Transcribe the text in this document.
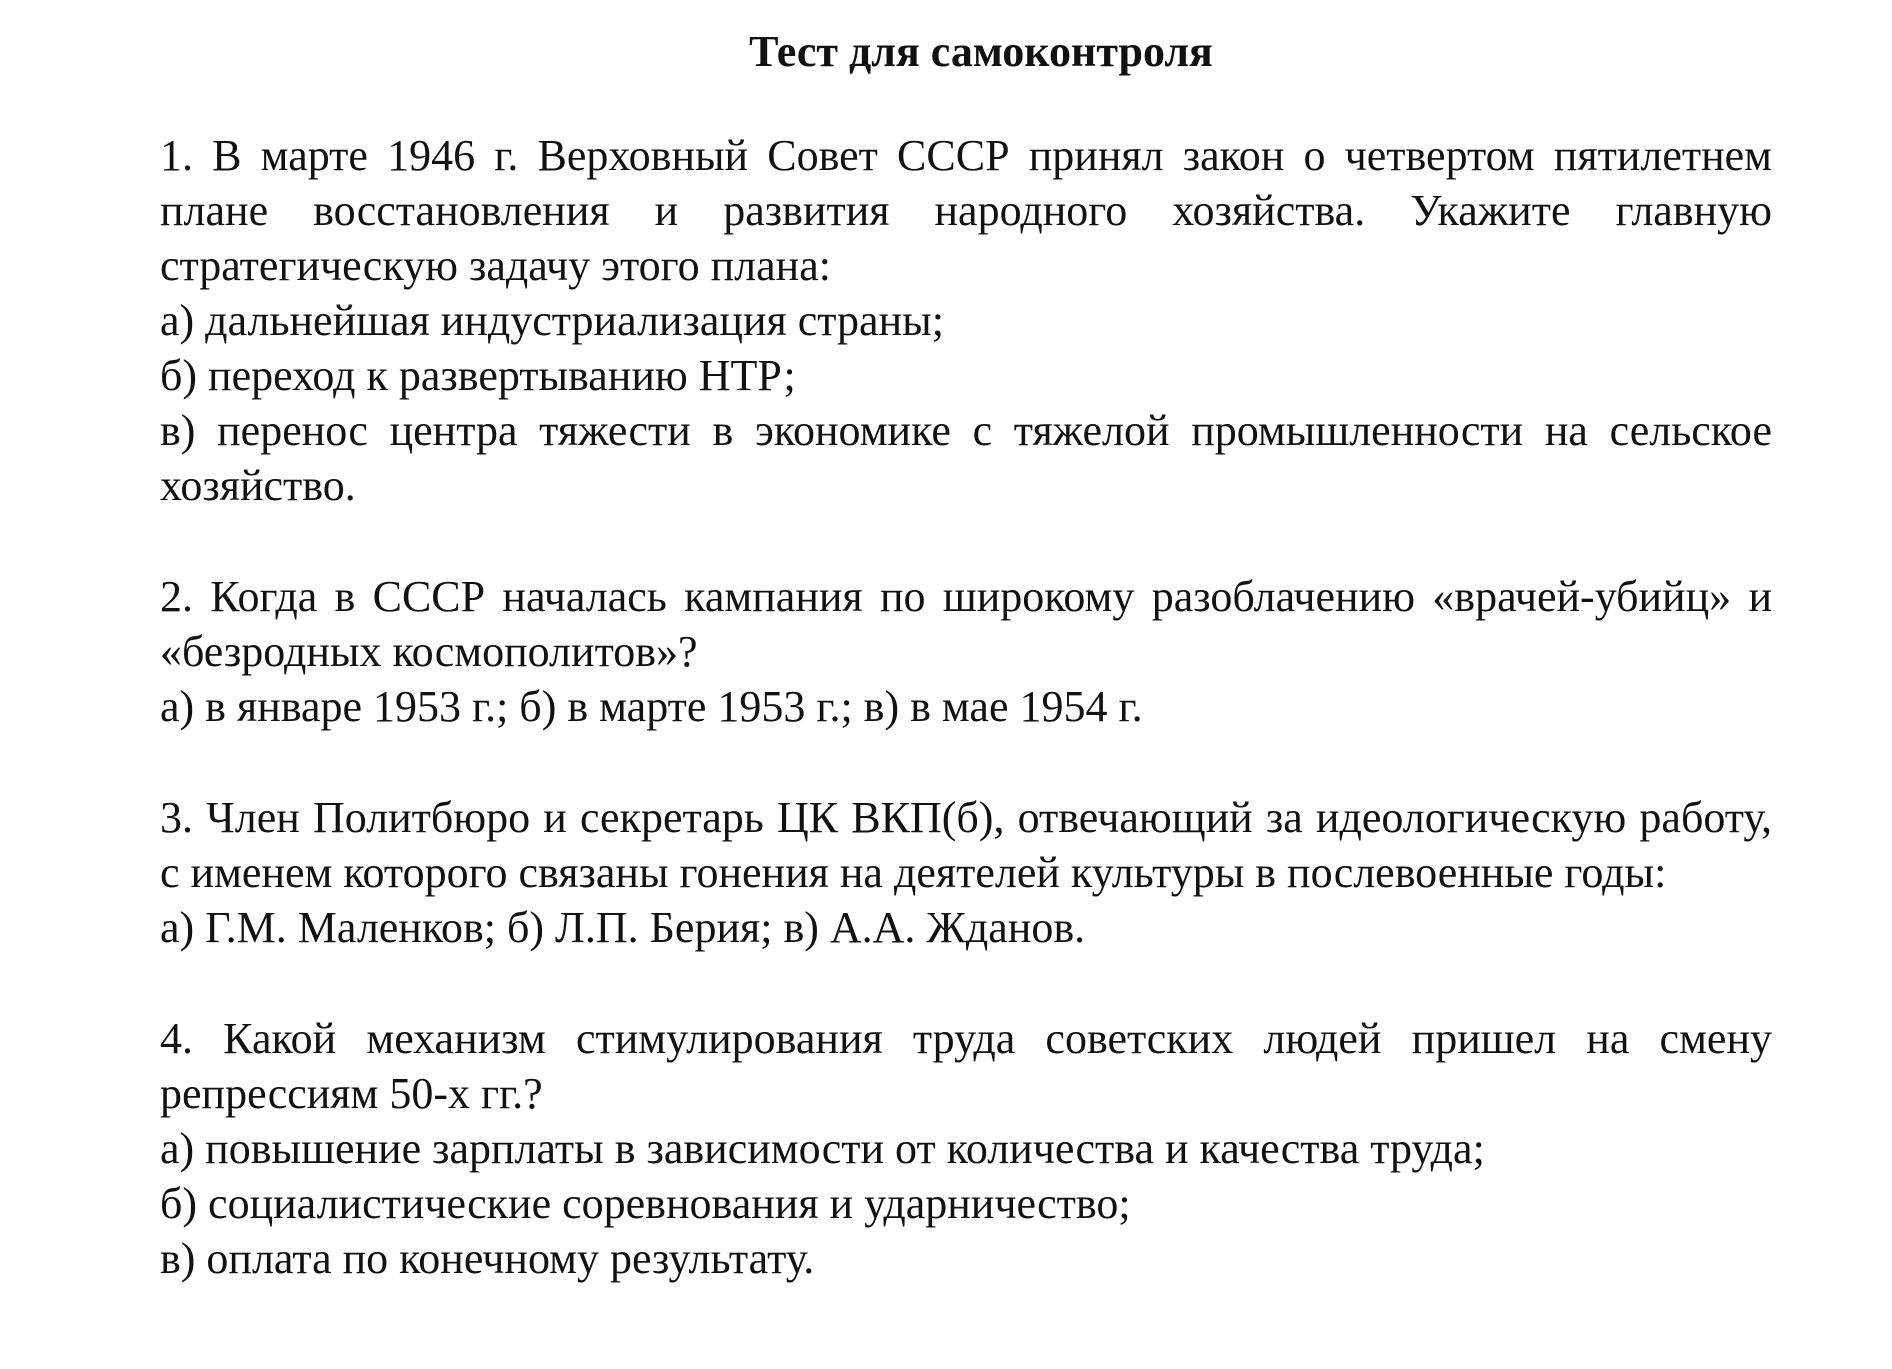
Тест для самоконтроля

1. В марте 1946 г. Верховный Совет СССР принял закон о четвертом пятилетнем плане восстановления и развития народного хозяйства. Укажите главную стратегическую задачу этого плана:

а) дальнейшая индустриализация страны;

б) переход к развертыванию НТР;

в) перенос центра тяжести в экономике с тяжелой промышленности на сельское хозяйство.

2. Когда в СССР началась кампания по широкому разоблачению «врачей-убийц» и «безродных космополитов»?

а) в январе 1953 г.; б) в марте 1953 г.; в) в мае 1954 г.

3. Член Политбюро и секретарь ЦК ВКП(б), отвечающий за идеологическую работу, с именем которого связаны гонения на деятелей культуры в послевоенные годы:

а) Г.М. Маленков; б) Л.П. Берия; в) А.А. Жданов.

4. Какой механизм стимулирования труда советских людей пришел на смену репрессиям 50-х гг.?

а) повышение зарплаты в зависимости от количества и качества труда;

б) социалистические соревнования и ударничество;

в) оплата по конечному результату.
